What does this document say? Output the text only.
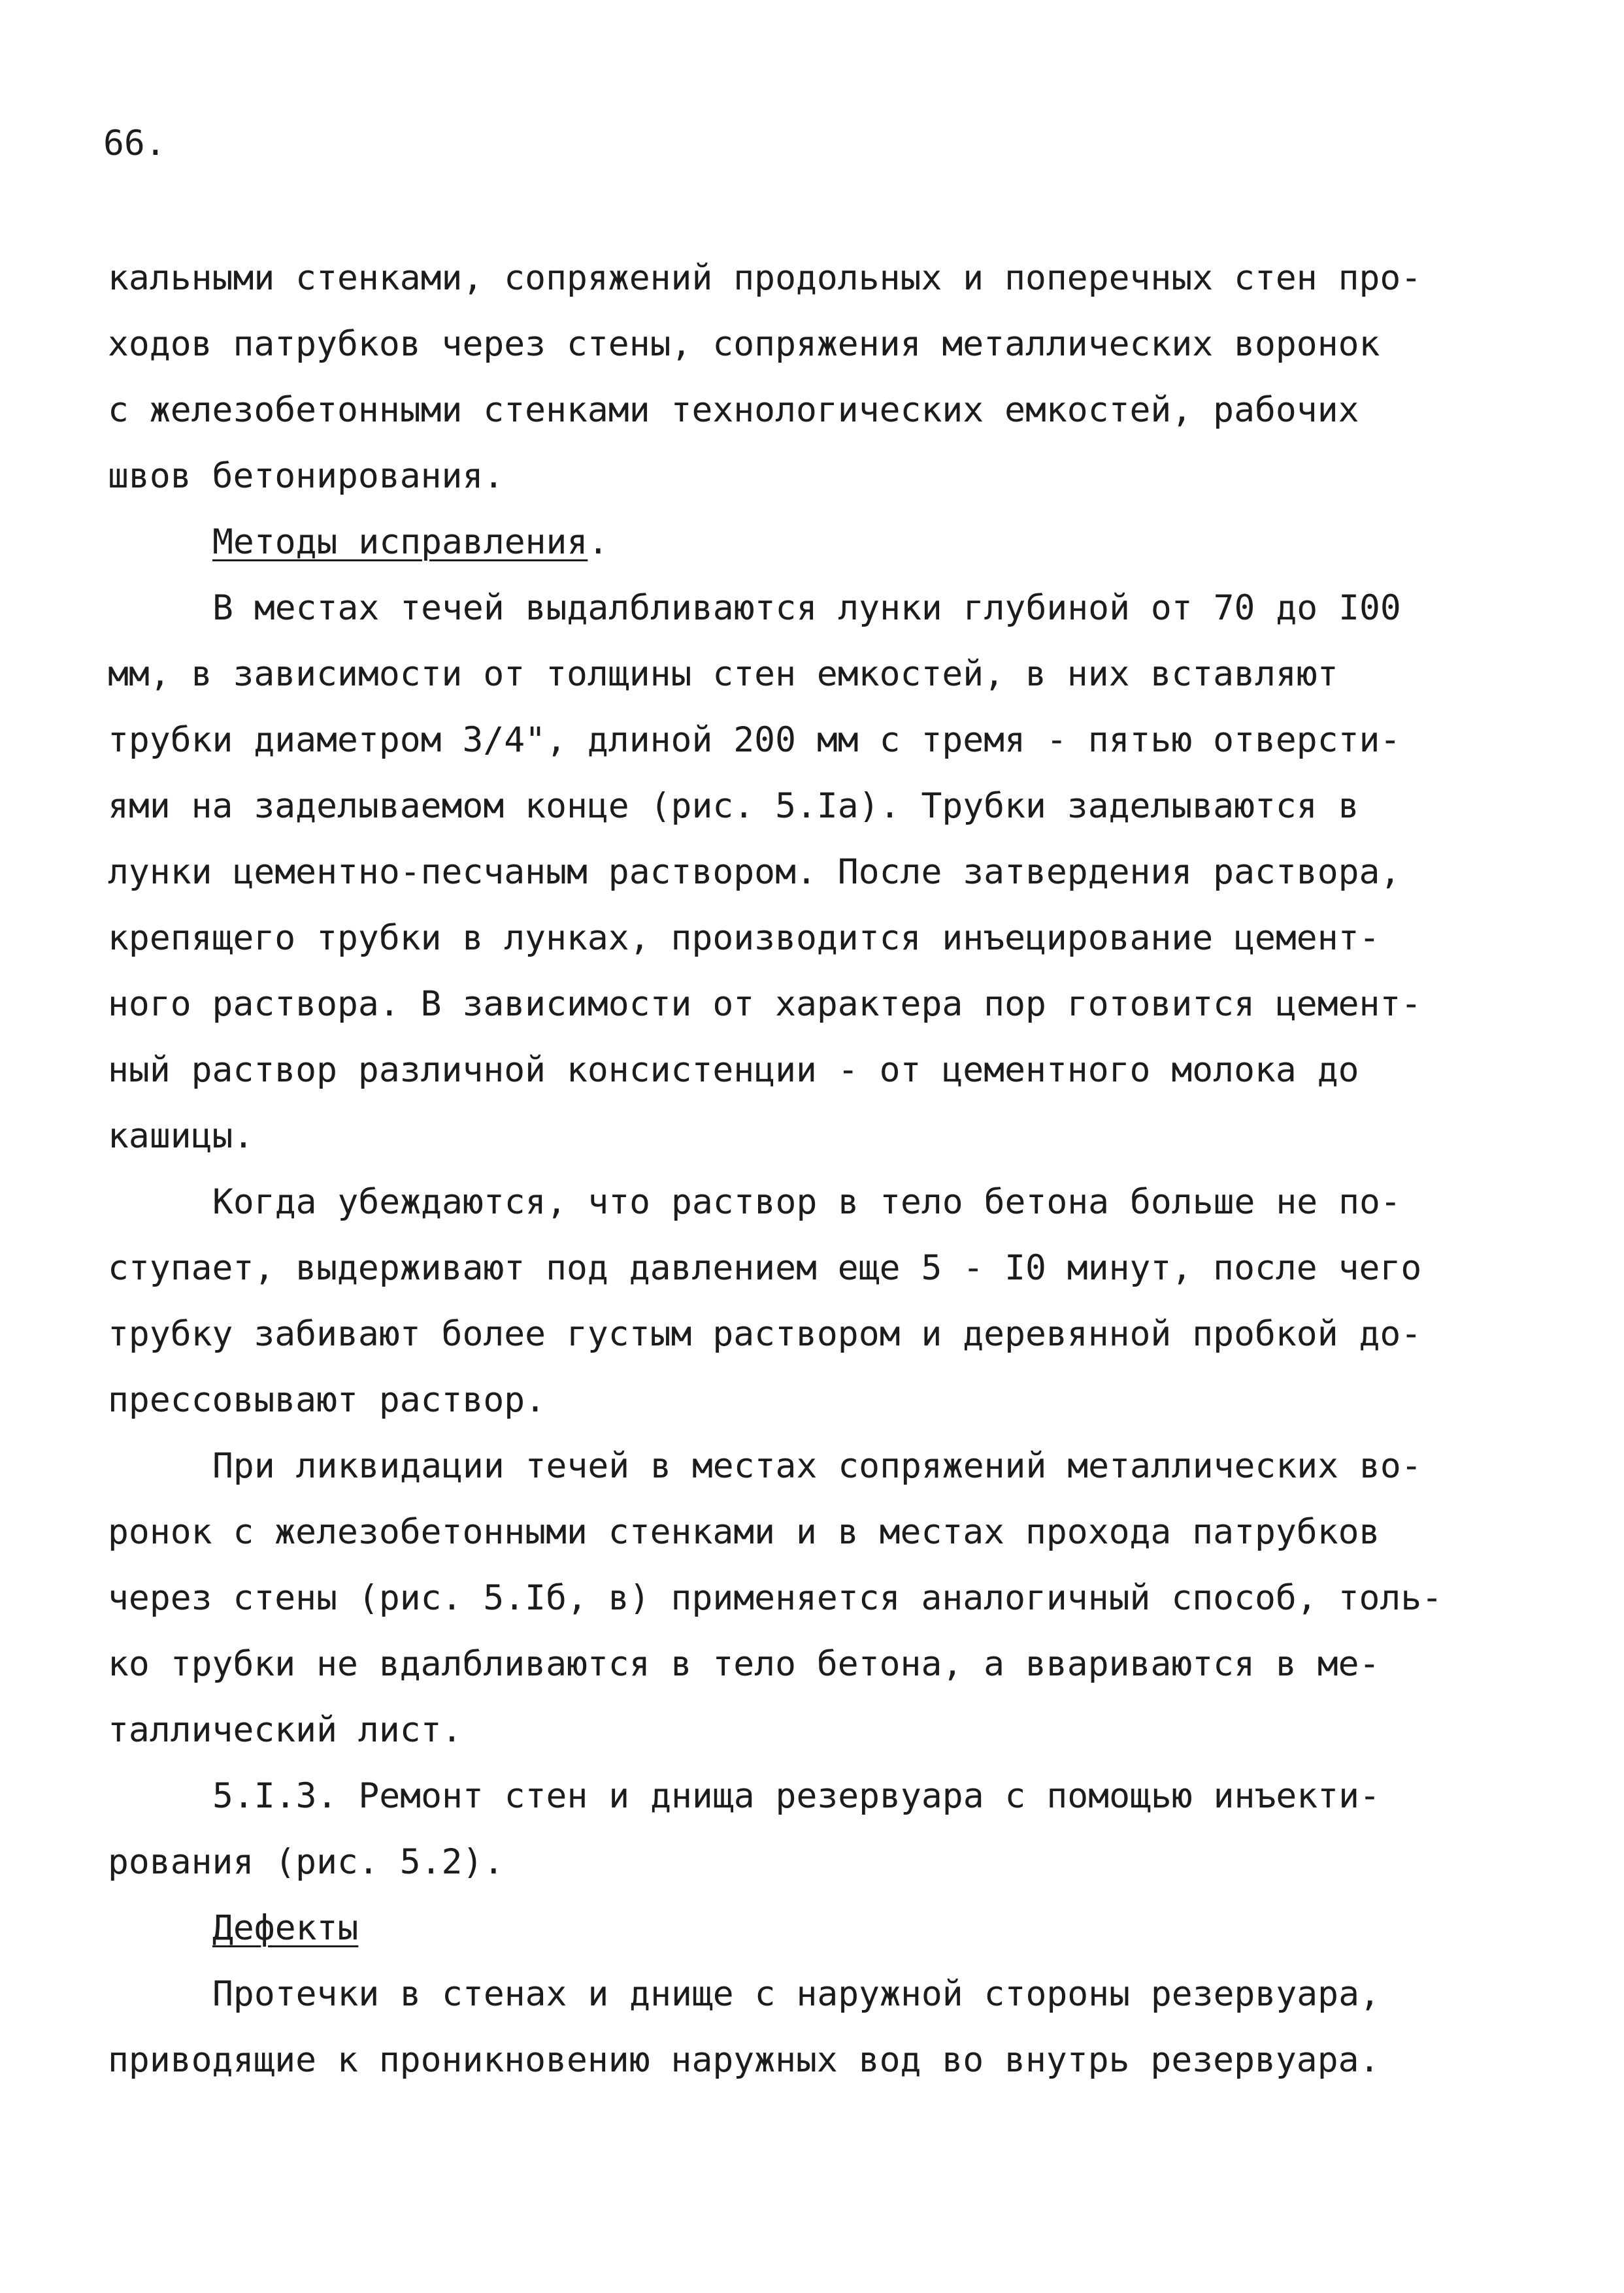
66.
кальными стенками, сопряжений продольных и поперечных стен про-
ходов патрубков через стены, сопряжения металлических воронок
с железобетонными стенками технологических емкостей, рабочих
швов бетонирования.
Методы исправления.
В местах течей выдалбливаются лунки глубиной от 70 до I00
мм, в зависимости от толщины стен емкостей, в них вставляют
трубки диаметром 3/4", длиной 200 мм с тремя - пятью отверсти-
ями на заделываемом конце (рис. 5.Iа). Трубки заделываются в
лунки цементно-песчаным раствором. После затвердения раствора,
крепящего трубки в лунках, производится инъецирование цемент-
ного раствора. В зависимости от характера пор готовится цемент-
ный раствор различной консистенции - от цементного молока до
кашицы.
Когда убеждаются, что раствор в тело бетона больше не по-
ступает, выдерживают под давлением еще 5 - I0 минут, после чего
трубку забивают более густым раствором и деревянной пробкой до-
прессовывают раствор.
При ликвидации течей в местах сопряжений металлических во-
ронок с железобетонными стенками и в местах прохода патрубков
через стены (рис. 5.Iб, в) применяется аналогичный способ, толь-
ко трубки не вдалбливаются в тело бетона, а ввариваются в ме-
таллический лист.
5.I.3. Ремонт стен и днища резервуара с помощью инъекти-
рования (рис. 5.2).
Дефекты
Протечки в стенах и днище с наружной стороны резервуара,
приводящие к проникновению наружных вод во внутрь резервуара.
